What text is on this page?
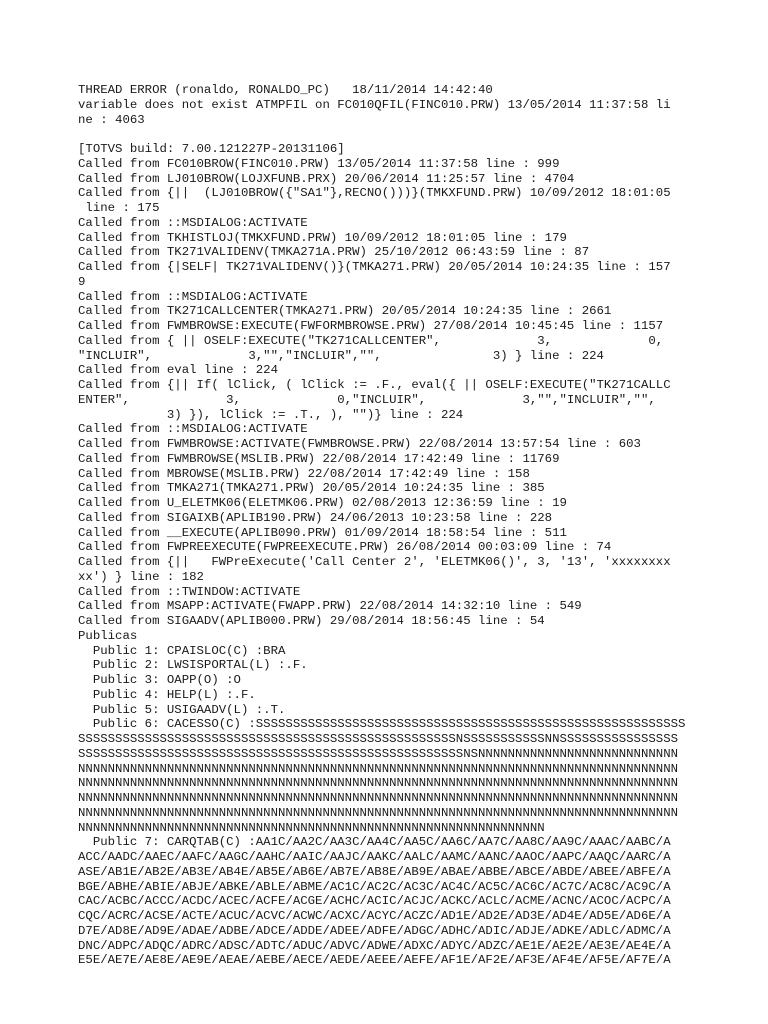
THREAD ERROR (ronaldo, RONALDO_PC)   18/11/2014 14:42:40
variable does not exist ATMPFIL on FC010QFIL(FINC010.PRW) 13/05/2014 11:37:58 li
ne : 4063
[TOTVS build: 7.00.121227P-20131106]
Called from FC010BROW(FINC010.PRW) 13/05/2014 11:37:58 line : 999
Called from LJ010BROW(LOJXFUNB.PRX) 20/06/2014 11:25:57 line : 4704
Called from {||  (LJ010BROW({"SA1"},RECNO()))}(TMKXFUND.PRW) 10/09/2012 18:01:05
line : 175
Called from ::MSDIALOG:ACTIVATE
Called from TKHISTLOJ(TMKXFUND.PRW) 10/09/2012 18:01:05 line : 179
Called from TK271VALIDENV(TMKA271A.PRW) 25/10/2012 06:43:59 line : 87
Called from {|SELF| TK271VALIDENV()}(TMKA271.PRW) 20/05/2014 10:24:35 line : 157
9
Called from ::MSDIALOG:ACTIVATE
Called from TK271CALLCENTER(TMKA271.PRW) 20/05/2014 10:24:35 line : 2661
Called from FWMBROWSE:EXECUTE(FWFORMBROWSE.PRW) 27/08/2014 10:45:45 line : 1157
Called from { || OSELF:EXECUTE("TK271CALLCENTER",             3,             0,
"INCLUIR",             3,"","INCLUIR","",               3) } line : 224
Called from eval line : 224
Called from {|| If( lClick, ( lClick := .F., eval({ || OSELF:EXECUTE("TK271CALLC
ENTER",             3,             0,"INCLUIR",             3,"","INCLUIR","",
3) }), lClick := .T., ), "")} line : 224
Called from ::MSDIALOG:ACTIVATE
Called from FWMBROWSE:ACTIVATE(FWMBROWSE.PRW) 22/08/2014 13:57:54 line : 603
Called from FWMBROWSE(MSLIB.PRW) 22/08/2014 17:42:49 line : 11769
Called from MBROWSE(MSLIB.PRW) 22/08/2014 17:42:49 line : 158
Called from TMKA271(TMKA271.PRW) 20/05/2014 10:24:35 line : 385
Called from U_ELETMK06(ELETMK06.PRW) 02/08/2013 12:36:59 line : 19
Called from SIGAIXB(APLIB190.PRW) 24/06/2013 10:23:58 line : 228
Called from __EXECUTE(APLIB090.PRW) 01/09/2014 18:58:54 line : 511
Called from FWPREEXECUTE(FWPREEXECUTE.PRW) 26/08/2014 00:03:09 line : 74
Called from {||   FWPreExecute('Call Center 2', 'ELETMK06()', 3, '13', 'xxxxxxxx
xx') } line : 182
Called from ::TWINDOW:ACTIVATE
Called from MSAPP:ACTIVATE(FWAPP.PRW) 22/08/2014 14:32:10 line : 549
Called from SIGAADV(APLIB000.PRW) 29/08/2014 18:56:45 line : 54
Publicas
Public 1: CPAISLOC(C) :BRA
Public 2: LWSISPORTAL(L) :.F.
Public 3: OAPP(O) :O
Public 4: HELP(L) :.F.
Public 5: USIGAADV(L) :.T.
Public 6: CACESSO(C) :SSSSSSSSSSSSSSSSSSSSSSSSSSSSSSSSSSSSSSSSSSSSSSSSSSSSSSSSSS
SSSSSSSSSSSSSSSSSSSSSSSSSSSSSSSSSSSSSSSSSSSSSSSSSSSNSSSSSSSSSSSNNSSSSSSSSSSSSSSSS
SSSSSSSSSSSSSSSSSSSSSSSSSSSSSSSSSSSSSSSSSSSSSSSSSSSSNSNNNNNNNNNNNNNNNNNNNNNNNNNNN
NNNNNNNNNNNNNNNNNNNNNNNNNNNNNNNNNNNNNNNNNNNNNNNNNNNNNNNNNNNNNNNNNNNNNNNNNNNNNNNNN
NNNNNNNNNNNNNNNNNNNNNNNNNNNNNNNNNNNNNNNNNNNNNNNNNNNNNNNNNNNNNNNNNNNNNNNNNNNNNNNNN
NNNNNNNNNNNNNNNNNNNNNNNNNNNNNNNNNNNNNNNNNNNNNNNNNNNNNNNNNNNNNNNNNNNNNNNNNNNNNNNNN
NNNNNNNNNNNNNNNNNNNNNNNNNNNNNNNNNNNNNNNNNNNNNNNNNNNNNNNNNNNNNNNNNNNNNNNNNNNNNNNNN
NNNNNNNNNNNNNNNNNNNNNNNNNNNNNNNNNNNNNNNNNNNNNNNNNNNNNNNNNNNNNNN
Public 7: CARQTAB(C) :AA1C/AA2C/AA3C/AA4C/AA5C/AA6C/AA7C/AA8C/AA9C/AAAC/AABC/A
ACC/AADC/AAEC/AAFC/AAGC/AAHC/AAIC/AAJC/AAKC/AALC/AAMC/AANC/AAOC/AAPC/AAQC/AARC/A
ASE/AB1E/AB2E/AB3E/AB4E/AB5E/AB6E/AB7E/AB8E/AB9E/ABAE/ABBE/ABCE/ABDE/ABEE/ABFE/A
BGE/ABHE/ABIE/ABJE/ABKE/ABLE/ABME/AC1C/AC2C/AC3C/AC4C/AC5C/AC6C/AC7C/AC8C/AC9C/A
CAC/ACBC/ACCC/ACDC/ACEC/ACFE/ACGE/ACHC/ACIC/ACJC/ACKC/ACLC/ACME/ACNC/ACOC/ACPC/A
CQC/ACRC/ACSE/ACTE/ACUC/ACVC/ACWC/ACXC/ACYC/ACZC/AD1E/AD2E/AD3E/AD4E/AD5E/AD6E/A
D7E/AD8E/AD9E/ADAE/ADBE/ADCE/ADDE/ADEE/ADFE/ADGC/ADHC/ADIC/ADJE/ADKE/ADLC/ADMC/A
DNC/ADPC/ADQC/ADRC/ADSC/ADTC/ADUC/ADVC/ADWE/ADXC/ADYC/ADZC/AE1E/AE2E/AE3E/AE4E/A
E5E/AE7E/AE8E/AE9E/AEAE/AEBE/AECE/AEDE/AEEE/AEFE/AF1E/AF2E/AF3E/AF4E/AF5E/AF7E/A
